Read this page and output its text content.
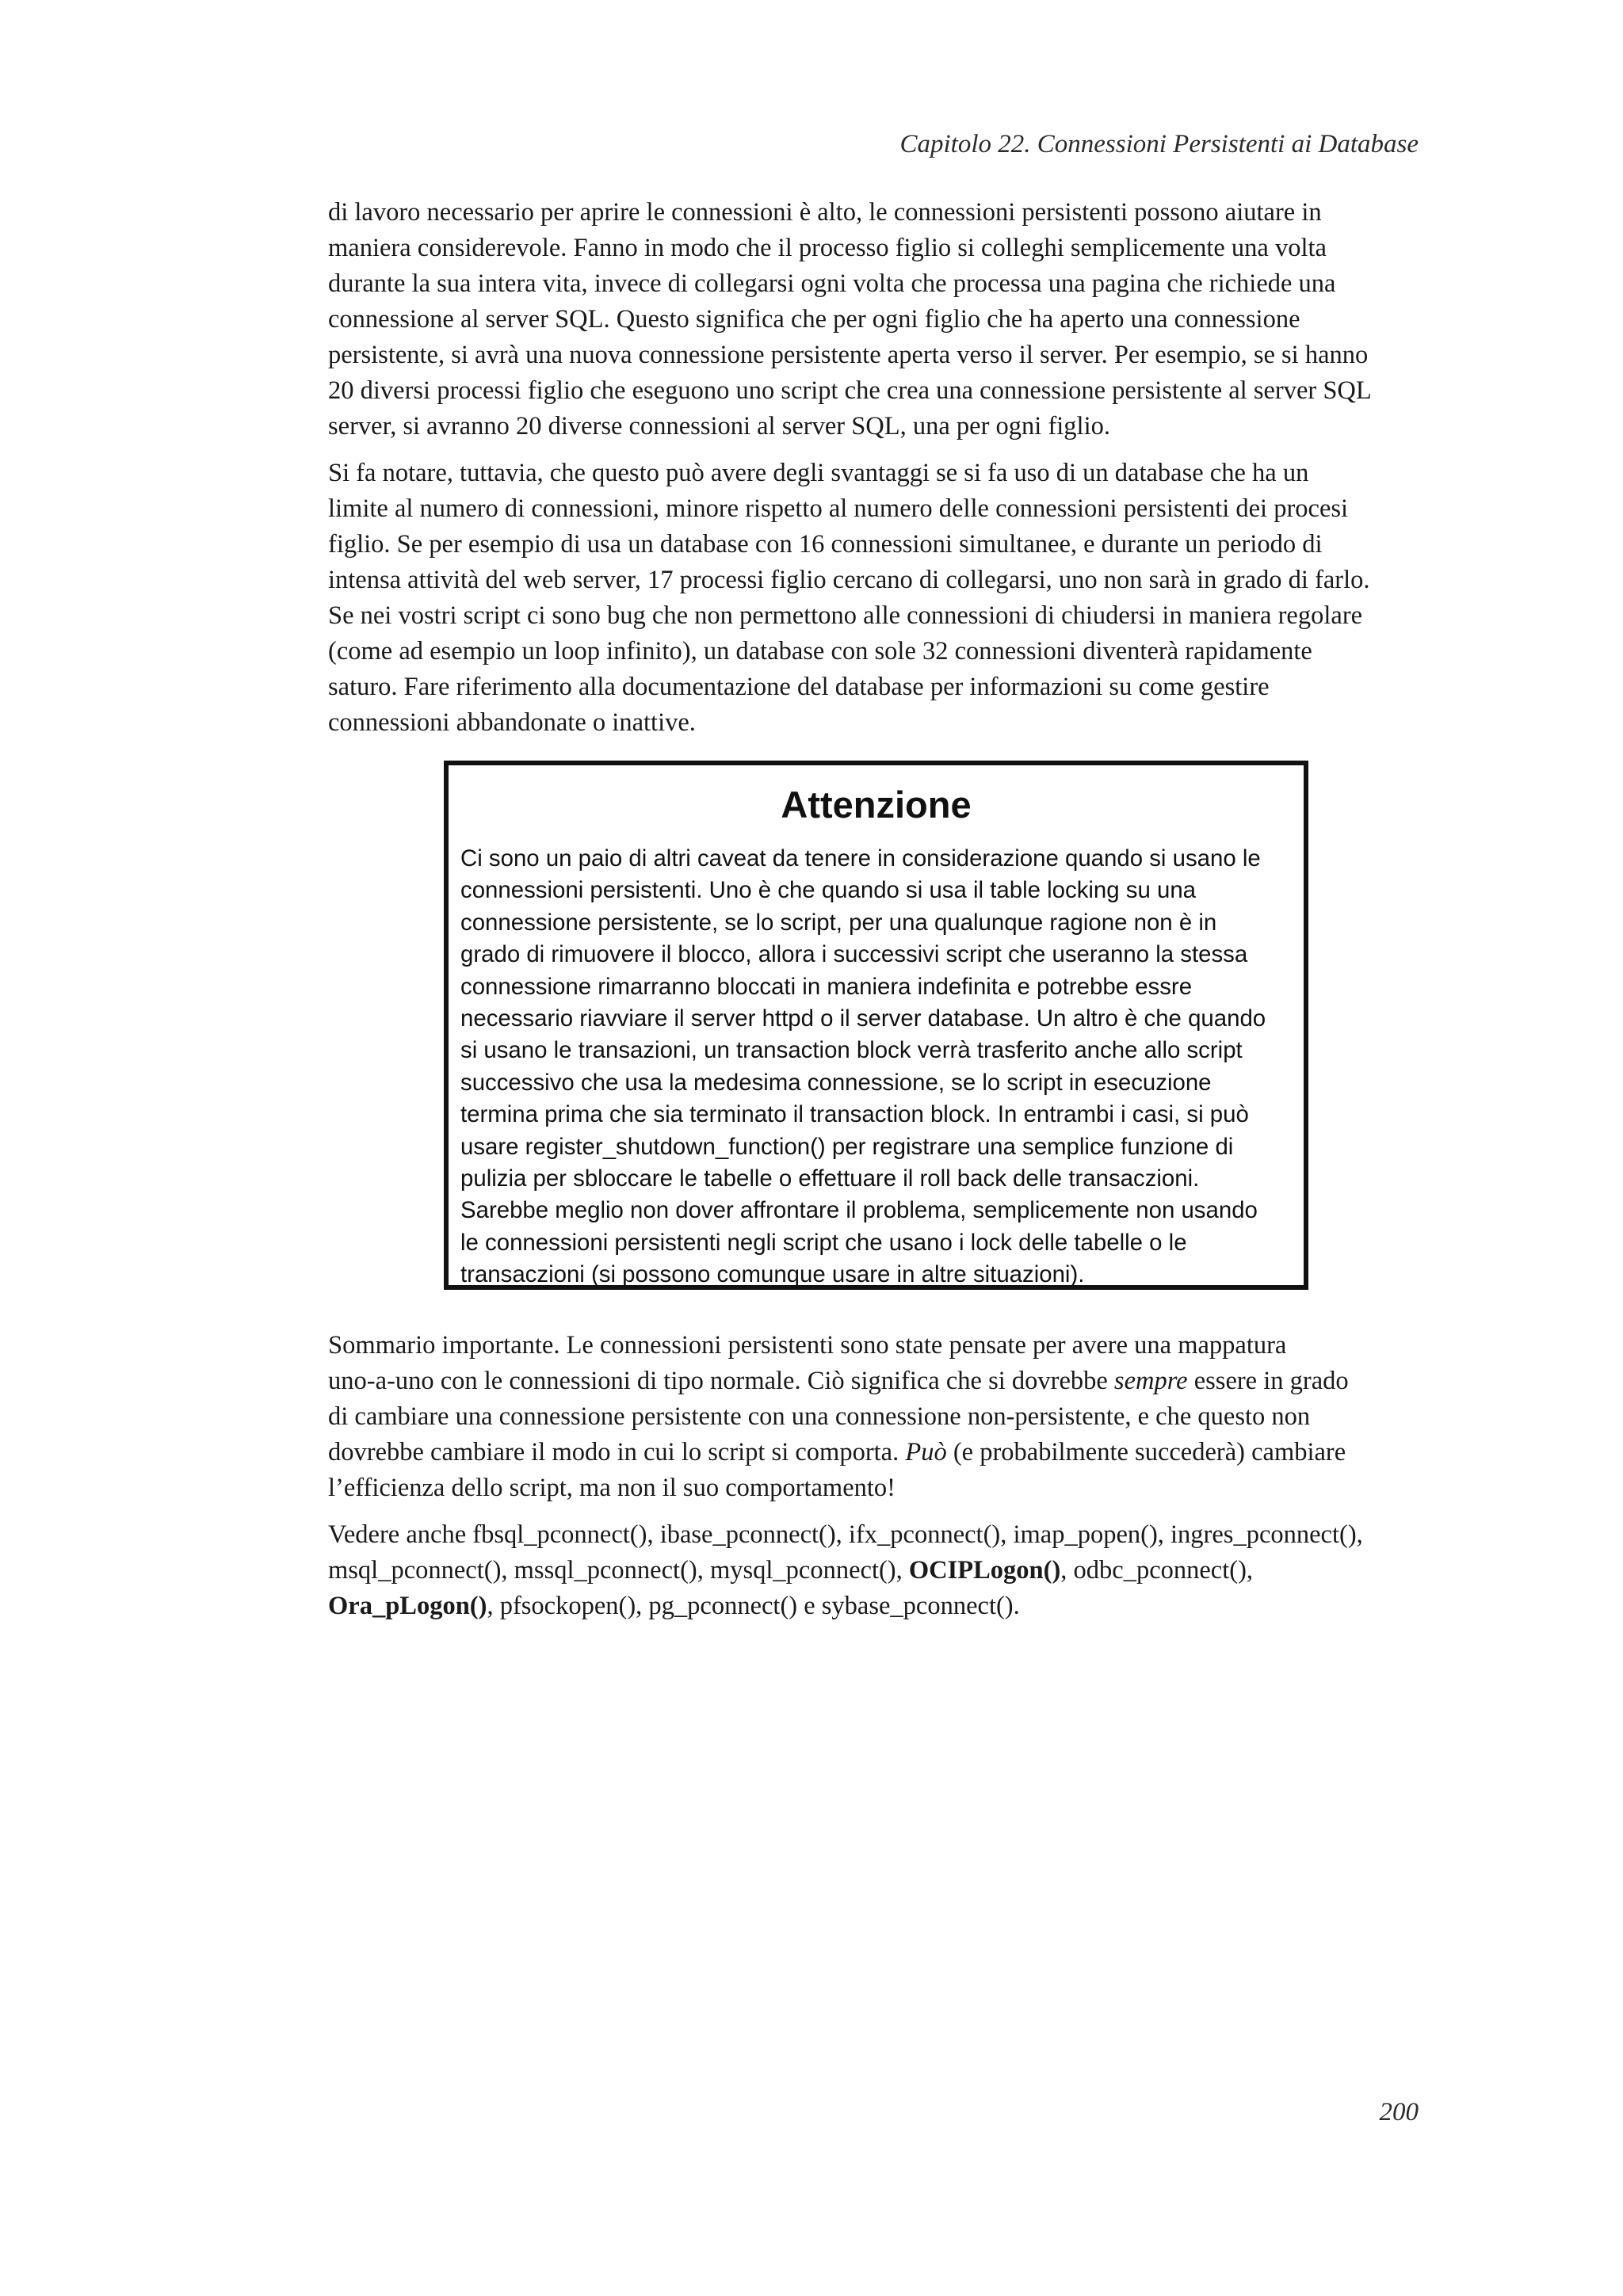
Capitolo 22. Connessioni Persistenti ai Database

di lavoro necessario per aprire le connessioni è alto, le connessioni persistenti possono aiutare in

maniera considerevole. Fanno in modo che il processo figlio si colleghi semplicemente una volta

durante la sua intera vita, invece di collegarsi ogni volta che processa una pagina che richiede una

connessione al server SQL. Questo significa che per ogni figlio che ha aperto una connessione

persistente, si avrà una nuova connessione persistente aperta verso il server. Per esempio, se si hanno

20 diversi processi figlio che eseguono uno script che crea una connessione persistente al server SQL

server, si avranno 20 diverse connessioni al server SQL, una per ogni figlio.

Si fa notare, tuttavia, che questo può avere degli svantaggi se si fa uso di un database che ha un

limite al numero di connessioni, minore rispetto al numero delle connessioni persistenti dei procesi

figlio. Se per esempio di usa un database con 16 connessioni simultanee, e durante un periodo di

intensa attività del web server, 17 processi figlio cercano di collegarsi, uno non sarà in grado di farlo.

Se nei vostri script ci sono bug che non permettono alle connessioni di chiudersi in maniera regolare

(come ad esempio un loop infinito), un database con sole 32 connessioni diventerà rapidamente

saturo. Fare riferimento alla documentazione del database per informazioni su come gestire

connessioni abbandonate o inattive.

Attenzione

Ci sono un paio di altri caveat da tenere in considerazione quando si usano le

connessioni persistenti. Uno è che quando si usa il table locking su una

connessione persistente, se lo script, per una qualunque ragione non è in

grado di rimuovere il blocco, allora i successivi script che useranno la stessa

connessione rimarranno bloccati in maniera indefinita e potrebbe essre

necessario riavviare il server httpd o il server database. Un altro è che quando

si usano le transazioni, un transaction block verrà trasferito anche allo script

successivo che usa la medesima connessione, se lo script in esecuzione

termina prima che sia terminato il transaction block. In entrambi i casi, si può

usare register_shutdown_function() per registrare una semplice funzione di

pulizia per sbloccare le tabelle o effettuare il roll back delle transaczioni.

Sarebbe meglio non dover affrontare il problema, semplicemente non usando

le connessioni persistenti negli script che usano i lock delle tabelle o le

transaczioni (si possono comunque usare in altre situazioni).

Sommario importante. Le connessioni persistenti sono state pensate per avere una mappatura

uno-a-uno con le connessioni di tipo normale. Ciò significa che si dovrebbe sempre essere in grado

di cambiare una connessione persistente con una connessione non-persistente, e che questo non

dovrebbe cambiare il modo in cui lo script si comporta. Può (e probabilmente succederà) cambiare

l’efficienza dello script, ma non il suo comportamento!

Vedere anche fbsql_pconnect(), ibase_pconnect(), ifx_pconnect(), imap_popen(), ingres_pconnect(),

msql_pconnect(), mssql_pconnect(), mysql_pconnect(), OCIPLogon(), odbc_pconnect(),

Ora_pLogon(), pfsockopen(), pg_pconnect() e sybase_pconnect().

200
